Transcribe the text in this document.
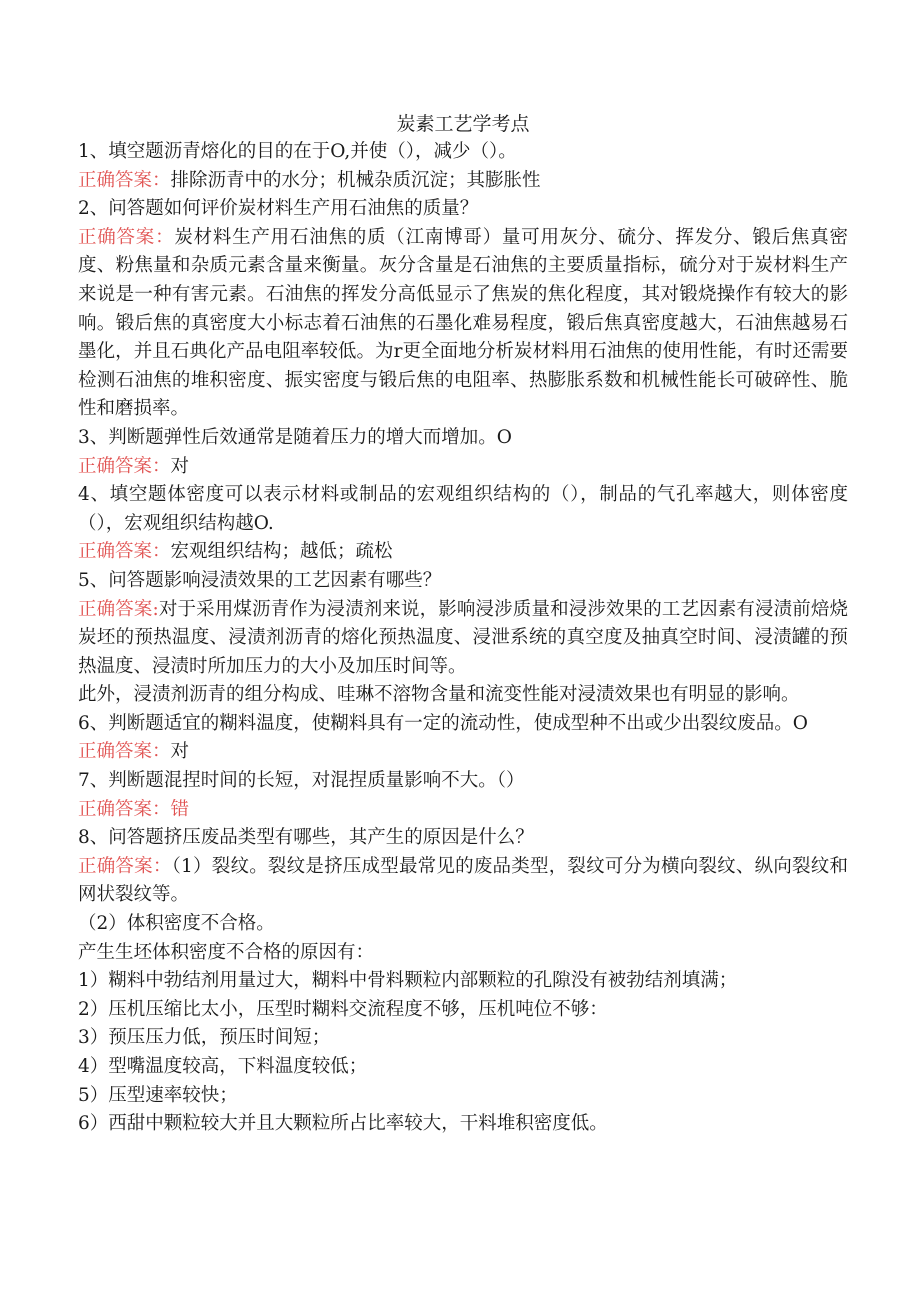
炭素工艺学考点

1、填空题沥青熔化的目的在于O,并使（），减少（）。

正确答案：排除沥青中的水分；机械杂质沉淀；其膨胀性

2、问答题如何评价炭材料生产用石油焦的质量？

正确答案：炭材料生产用石油焦的质（江南博哥）量可用灰分、硫分、挥发分、锻后焦真密度、粉焦量和杂质元素含量来衡量。灰分含量是石油焦的主要质量指标，硫分对于炭材料生产来说是一种有害元素。石油焦的挥发分高低显示了焦炭的焦化程度，其对锻烧操作有较大的影响。锻后焦的真密度大小标志着石油焦的石墨化难易程度，锻后焦真密度越大，石油焦越易石墨化，并且石典化产品电阻率较低。为r更全面地分析炭材料用石油焦的使用性能，有时还需要检测石油焦的堆积密度、振实密度与锻后焦的电阻率、热膨胀系数和机械性能长可破碎性、脆性和磨损率。

3、判断题弹性后效通常是随着压力的增大而增加。O

正确答案：对

4、填空题体密度可以表示材料或制品的宏观组织结构的（），制品的气孔率越大，则体密度（），宏观组织结构越O.

正确答案：宏观组织结构；越低；疏松

5、问答题影响浸渍效果的工艺因素有哪些？

正确答案:对于采用煤沥青作为浸渍剂来说，影响浸涉质量和浸涉效果的工艺因素有浸渍前焙烧炭坯的预热温度、浸渍剂沥青的熔化预热温度、浸泄系统的真空度及抽真空时间、浸渍罐的预热温度、浸渍时所加压力的大小及加压时间等。

此外，浸渍剂沥青的组分构成、哇琳不溶物含量和流变性能对浸渍效果也有明显的影响。

6、判断题适宜的糊料温度，使糊料具有一定的流动性，使成型种不出或少出裂纹废品。O

正确答案：对

7、判断题混捏时间的长短，对混捏质量影响不大。（）

正确答案：错

8、问答题挤压废品类型有哪些，其产生的原因是什么？

正确答案：（1）裂纹。裂纹是挤压成型最常见的废品类型，裂纹可分为横向裂纹、纵向裂纹和网状裂纹等。

（2）体积密度不合格。

产生生坯体积密度不合格的原因有：

1）糊料中勃结剂用量过大，糊料中骨料颗粒内部颗粒的孔隙没有被勃结剂填满；

2）压机压缩比太小，压型时糊料交流程度不够，压机吨位不够：

3）预压压力低，预压时间短；

4）型嘴温度较高，下料温度较低；

5）压型速率较快；

6）西甜中颗粒较大并且大颗粒所占比率较大，干料堆积密度低。
